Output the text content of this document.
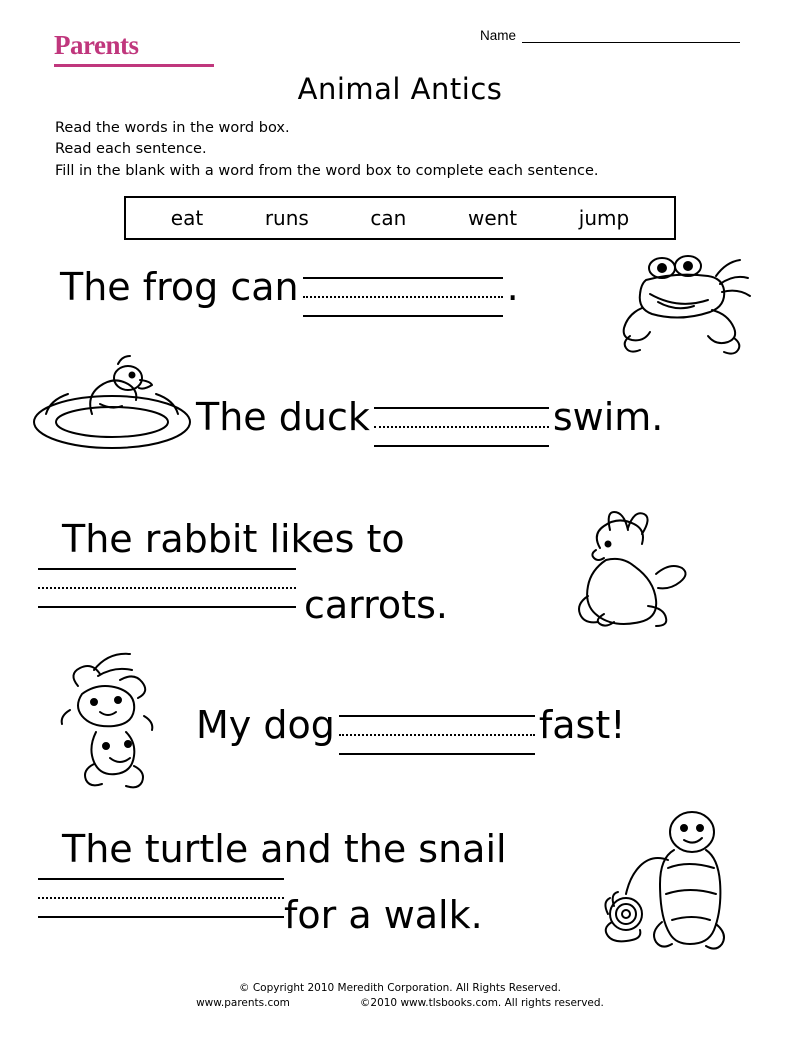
Parents	Name
Animal Antics
Read the words in the word box.
Read each sentence.
Fill in the blank with a word from the word box to complete each sentence.
eat	runs	can	went	jump
The frog can	.
The duck	swim.
The rabbit likes to
carrots.
My dog	fast!
The turtle and the snail
for a walk.
© Copyright 2010 Meredith Corporation. All Rights Reserved.
www.parents.com	©2010 www.tlsbooks.com. All rights reserved.
